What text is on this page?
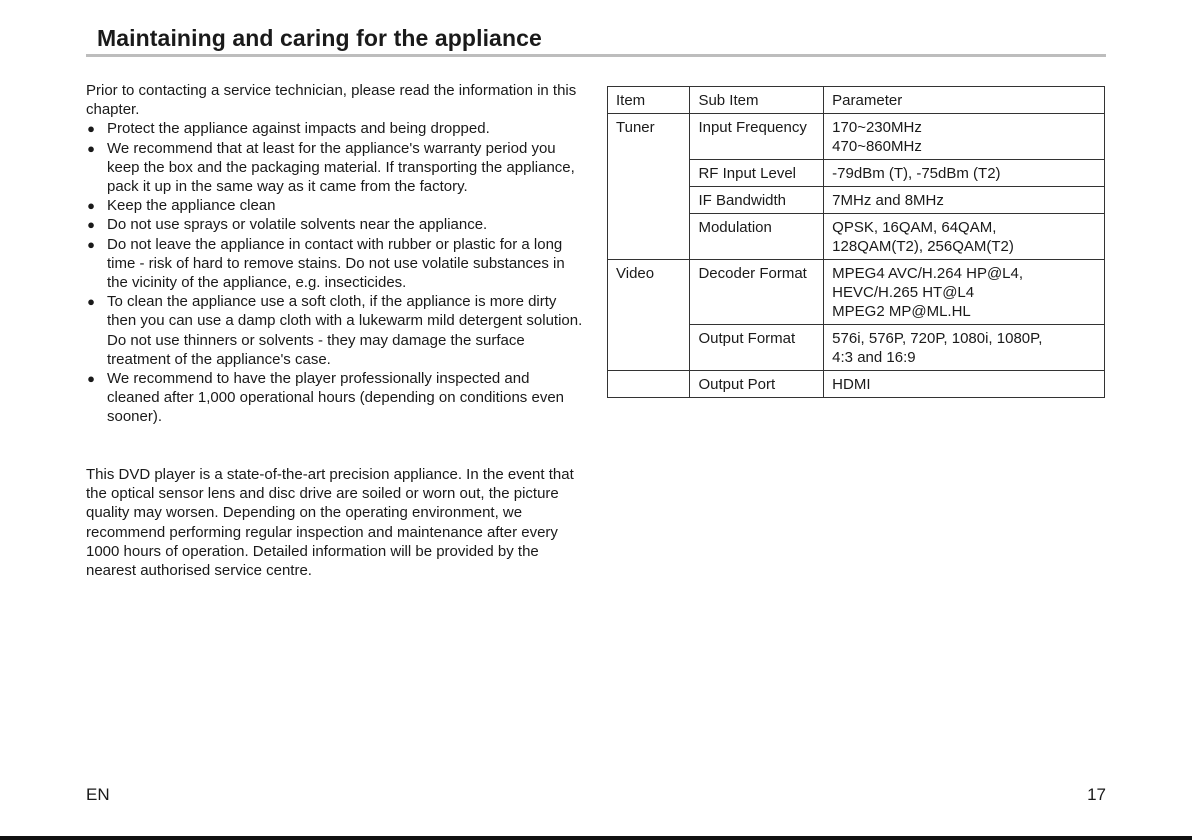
Maintaining and caring for the appliance

Prior to contacting a service technician, please read the information in this chapter.

● Protect the appliance against impacts and being dropped.
● We recommend that at least for the appliance's warranty period you keep the box and the packaging material. If transporting the appliance, pack it up in the same way as it came from the factory.
● Keep the appliance clean
● Do not use sprays or volatile solvents near the appliance.
● Do not leave the appliance in contact with rubber or plastic for a long time - risk of hard to remove stains. Do not use volatile substances in the vicinity of the appliance, e.g. insecticides.
● To clean the appliance use a soft cloth, if the appliance is more dirty then you can use a damp cloth with a lukewarm mild detergent solution. Do not use thinners or solvents - they may damage the surface treatment of the appliance's case.
● We recommend to have the player professionally inspected and cleaned after 1,000 operational hours (depending on conditions even sooner).

This DVD player is a state-of-the-art precision appliance. In the event that the optical sensor lens and disc drive are soiled or worn out, the picture quality may worsen. Depending on the operating environment, we recommend performing regular inspection and maintenance after every 1000 hours of operation. Detailed information will be provided by the nearest authorised service centre.

Item	Sub Item	Parameter
Tuner	Input Frequency	170~230MHz
470~860MHz

	RF Input Level	-79dBm (T), -75dBm (T2)

	IF Bandwidth	7MHz and 8MHz

	Modulation	QPSK, 16QAM, 64QAM,
128QAM(T2), 256QAM(T2)

Video	Decoder Format	MPEG4 AVC/H.264 HP@L4,
HEVC/H.265 HT@L4
MPEG2 MP@ML.HL

	Output Format	576i, 576P, 720P, 1080i, 1080P,
4:3 and 16:9

	Output Port	HDMI
EN	17
